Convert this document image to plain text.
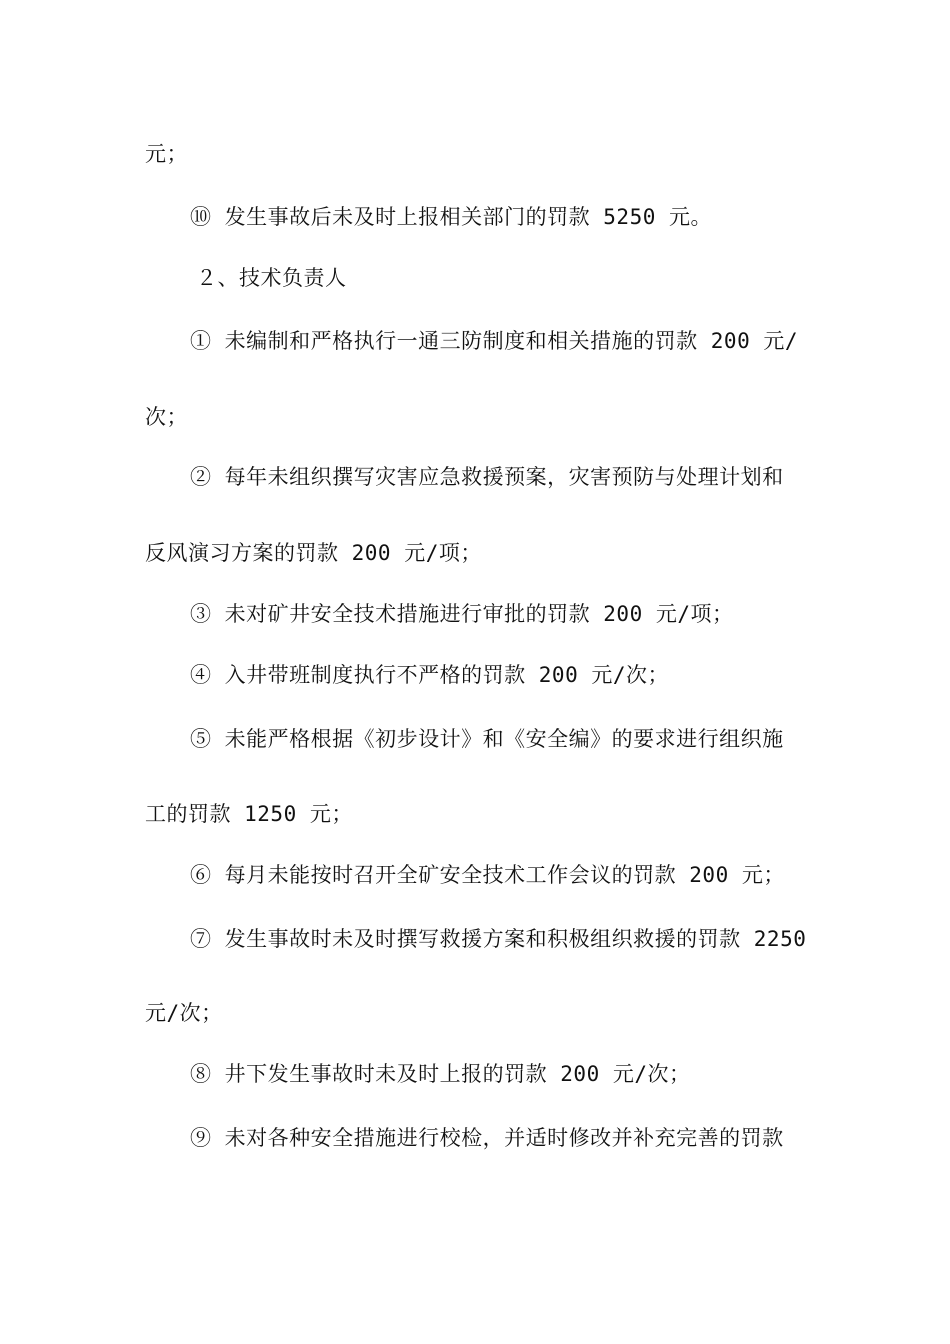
元；
⑩ 发生事故后未及时上报相关部门的罚款 5250 元。
２、技术负责人
① 未编制和严格执行一通三防制度和相关措施的罚款 200 元/
次；
② 每年未组织撰写灾害应急救援预案，灾害预防与处理计划和
反风演习方案的罚款 200 元/项；
③ 未对矿井安全技术措施进行审批的罚款 200 元/项；
④ 入井带班制度执行不严格的罚款 200 元/次；
⑤ 未能严格根据《初步设计》和《安全编》的要求进行组织施
工的罚款 1250 元；
⑥ 每月未能按时召开全矿安全技术工作会议的罚款 200 元；
⑦ 发生事故时未及时撰写救援方案和积极组织救援的罚款 2250
元/次；
⑧ 井下发生事故时未及时上报的罚款 200 元/次；
⑨ 未对各种安全措施进行校检，并适时修改并补充完善的罚款
